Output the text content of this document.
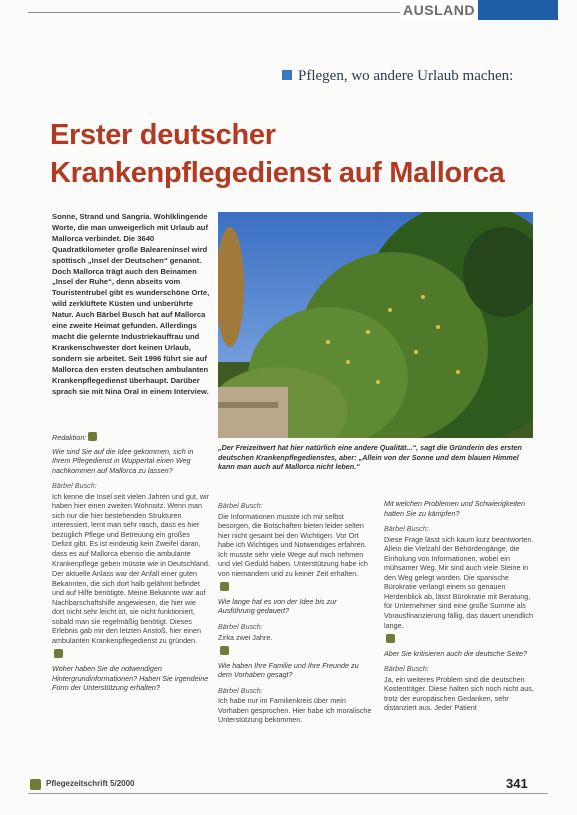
AUSLAND
Pflegen, wo andere Urlaub machen:
Erster deutscher Krankenpflegedienst auf Mallorca
Sonne, Strand und Sangria. Wohlklingende Worte, die man unweigerlich mit Urlaub auf Mallorca verbindet. Die 3640 Quadratkilometer große Baleareninsel wird spöttisch „Insel der Deutschen“ genannt. Doch Mallorca trägt auch den Beinamen „Insel der Ruhe“, denn abseits vom Touristentrubel gibt es wunderschöne Orte, wild zerklüftete Küsten und unberührte Natur. Auch Bärbel Busch hat auf Mallorca eine zweite Heimat gefunden. Allerdings macht die gelernte Industriekauffrau und Krankenschwester dort keinen Urlaub, sondern sie arbeitet. Seit 1996 führt sie auf Mallorca den ersten deutschen ambulanten Krankenpflegedienst überhaupt. Darüber sprach sie mit Nina Oral in einem Interview.
„Der Freizeitwert hat hier natürlich eine andere Qualität...“, sagt die Gründerin des ersten deutschen Krankenpflegedienstes, aber: „Allein von der Sonne und dem blauen Himmel kann man auch auf Mallorca nicht leben.“
Redaktion:
Wie sind Sie auf die Idee gekommen, sich in Ihrem Pflegedienst in Wuppertal einen Weg nachkommen auf Mallorca zu lassen?
Bärbel Busch:
Ich kenne die Insel seit vielen Jahren und gut, wir haben hier einen zweiten Wohnsitz. Wenn man sich nur die hier bestehenden Strukturen interessiert, lernt man sehr rasch, dass es hier bezüglich Pflege und Betreuung ein großes Defizit gibt. Es ist eindeutig kein Zweifel daran, dass es auf Mallorca ebenso die ambulante Krankenpflege geben müsste wie in Deutschland.
Der aktuelle Anlass war der Anfall einer guten Bekannten, die sich dort halb gelähmt befindet und auf Hilfe benötigte. Meine Bekannte war auf Nachbarschaftshilfe angewiesen, die hier wie dort nicht sehr leicht ist, sie nicht funktioniert, sobald man sie regelmäßig benötigt. Dieses Erlebnis gab mir den letzten Anstoß, hier einen ambulanten Krankenpflegedienst zu gründen.
Woher haben Sie die notwendigen Hintergrundinformationen? Haben Sie irgendeine Form der Unterstützung erhalten?
Bärbel Busch:
Die Informationen musste ich mir selbst besorgen, die Botschaften bieten leider selten hier nicht gesamt bei den Wichtigen. Vor Ort habe ich Wichtiges und Notwendiges erfahren. Ich musste sehr viele Wege auf mich nehmen und viel Geduld haben. Unterstützung habe ich von niemandem und zu keiner Zeit erhalten.
Wie lange hat es von der Idee bis zur Ausführung gedauert?
Bärbel Busch:
Zirka zwei Jahre.
Wie haben Ihre Familie und Ihre Freunde zu dem Vorhaben gesagt?
Bärbel Busch:
Ich habe nur im Familienkreis über mein Vorhaben gesprochen. Hier habe ich moralische Unterstützung bekommen.
Mit welchen Problemen und Schwierigkeiten hatten Sie zu kämpfen?
Bärbel Busch:
Diese Frage lässt sich kaum kurz beantworten. Allein die Vielzahl der Behördengänge, die Einholung von Informationen, wobei ein mühsamer Weg. Mir sind auch viele Steine in den Weg gelegt worden. Die spanische Bürokratie verlangt einem so genauen Herdenblick ab, lässt Bürokratie mit Beratung, für Unternehmer sind eine große Summe als Vorausfinanzierung fällig, das dauert unendlich lange.
Aber Sie kritisieren auch die deutsche Seite?
Bärbel Busch:
Ja, ein weiteres Problem sind die deutschen Kostenträger. Diese halten sich noch nicht aus, trotz der europäischen Gedanken, sehr distanziert aus. Jeder Patient
Pflegezeitschrift 5/2000	341
